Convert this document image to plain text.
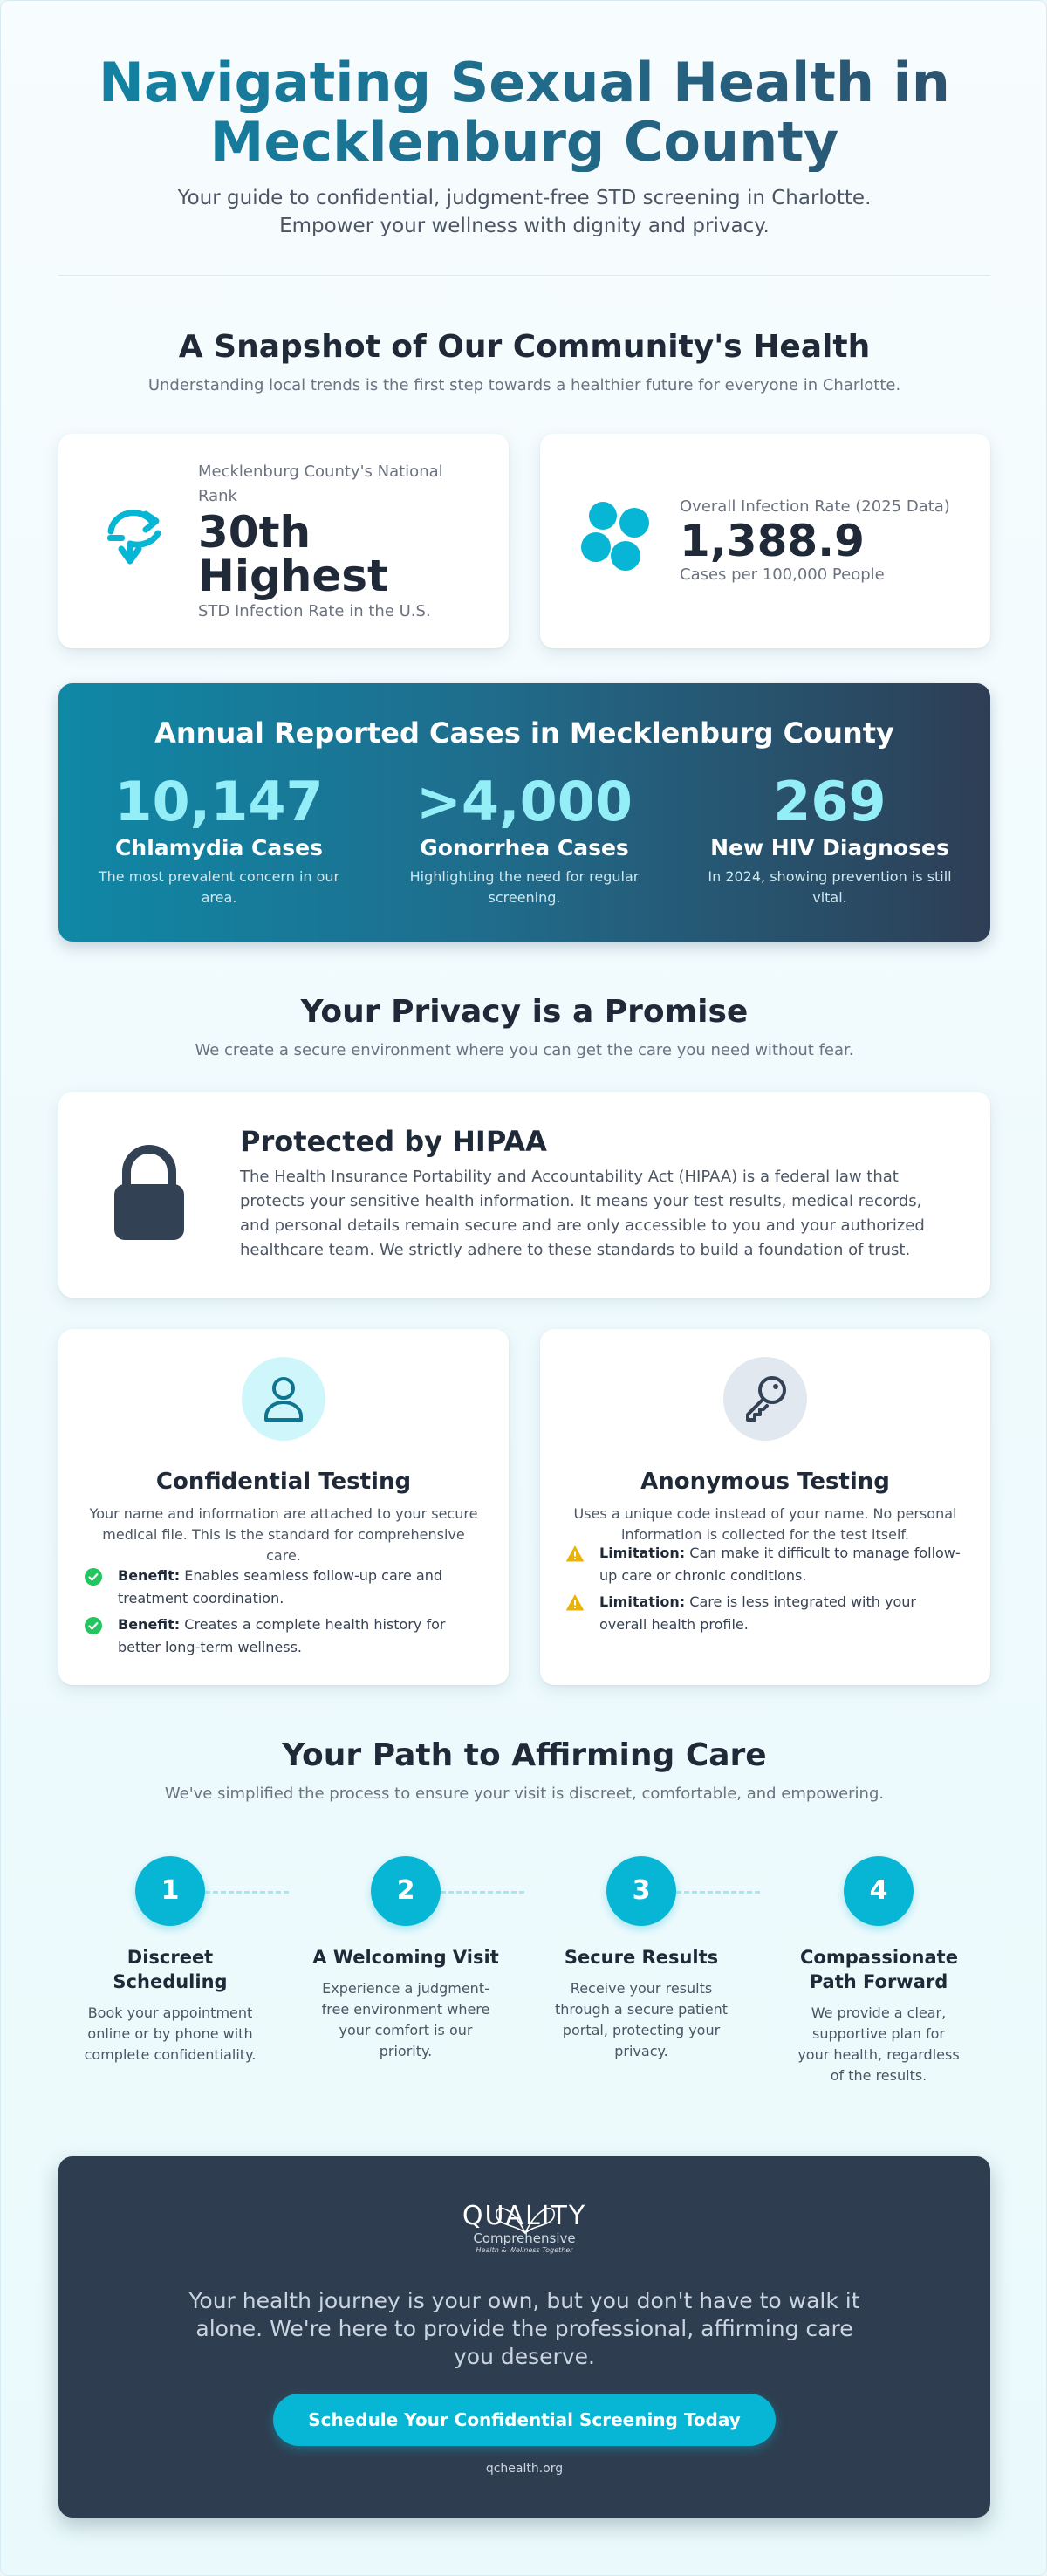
Navigating Sexual Health in
Mecklenburg County

Your guide to confidential, judgment-free STD screening in Charlotte.
Empower your wellness with dignity and privacy.

A Snapshot of Our Community's Health
Understanding local trends is the first step towards a healthier future for everyone in Charlotte.
Mecklenburg County's National
Rank
30th
Highest
STD Infection Rate in the U.S.
Overall Infection Rate (2025 Data)
1,388.9
Cases per 100,000 People
Annual Reported Cases in Mecklenburg County
10,147
Chlamydia Cases
The most prevalent concern in our
area.
>4,000
Gonorrhea Cases
Highlighting the need for regular
screening.
269
New HIV Diagnoses
In 2024, showing prevention is still
vital.
Your Privacy is a Promise
We create a secure environment where you can get the care you need without fear.
Protected by HIPAA

The Health Insurance Portability and Accountability Act (HIPAA) is a federal law that protects your sensitive health information. It means your test results, medical records, and personal details remain secure and are only accessible to you and your authorized healthcare team. We strictly adhere to these standards to build a foundation of trust.

Confidential Testing
Your name and information are attached to your secure medical file. This is the standard for comprehensive care.
Benefit: Enables seamless follow-up care and treatment coordination.
Benefit: Creates a complete health history for better long-term wellness.
Anonymous Testing
Uses a unique code instead of your name. No personal information is collected for the test itself.
Limitation: Can make it difficult to manage follow-up care or chronic conditions.
Limitation: Care is less integrated with your overall health profile.
Your Path to Affirming Care
We've simplified the process to ensure your visit is discreet, comfortable, and empowering.
1
Discreet Scheduling
Book your appointment online or by phone with complete confidentiality.
2
A Welcoming Visit
Experience a judgment-free environment where your comfort is our priority.
3
Secure Results
Receive your results through a secure patient portal, protecting your privacy.
4
Compassionate Path Forward
We provide a clear, supportive plan for your health, regardless of the results.
QUALITY
Comprehensive
Health & Wellness Together
Your health journey is your own, but you don't have to walk it alone. We're here to provide the professional, affirming care you deserve.
Schedule Your Confidential Screening Today
qchealth.org
